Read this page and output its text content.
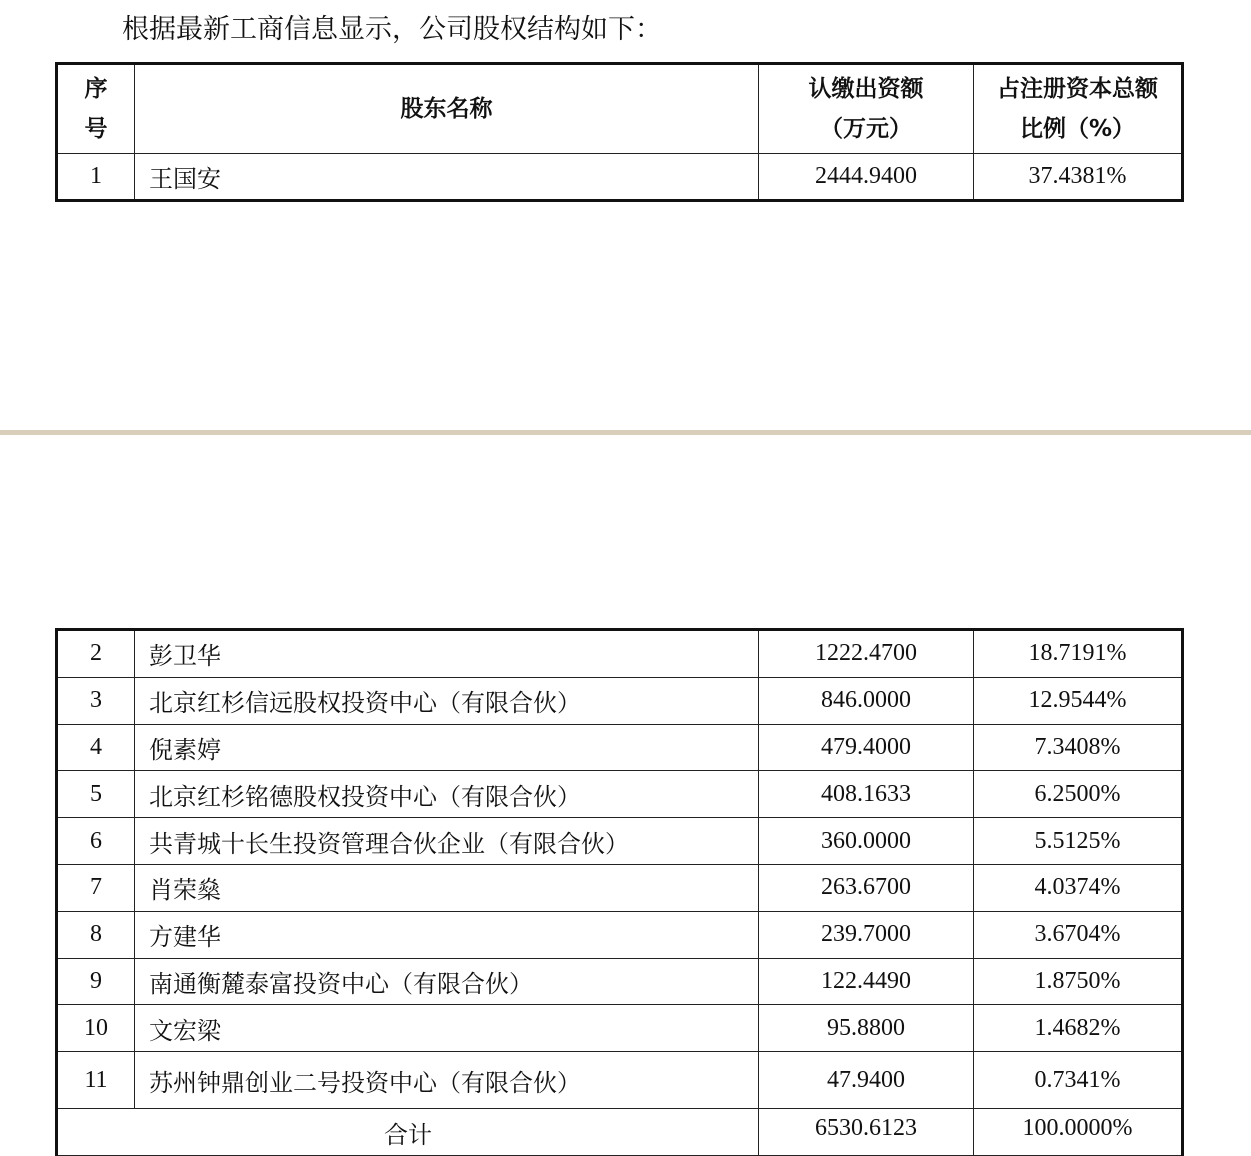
根据最新工商信息显示，公司股权结构如下：
序号	股东名称	认缴出资额（万元）	占注册资本总额比例（%）
1	王国安	2444.9400	37.4381%
2	彭卫华	1222.4700	18.7191%
3	北京红杉信远股权投资中心（有限合伙）	846.0000	12.9544%
4	倪素婷	479.4000	7.3408%
5	北京红杉铭德股权投资中心（有限合伙）	408.1633	6.2500%
6	共青城十长生投资管理合伙企业（有限合伙）	360.0000	5.5125%
7	肖荣燊	263.6700	4.0374%
8	方建华	239.7000	3.6704%
9	南通衡麓泰富投资中心（有限合伙）	122.4490	1.8750%
10	文宏梁	95.8800	1.4682%
11	苏州钟鼎创业二号投资中心（有限合伙）	47.9400	0.7341%
合计		6530.6123	100.0000%
